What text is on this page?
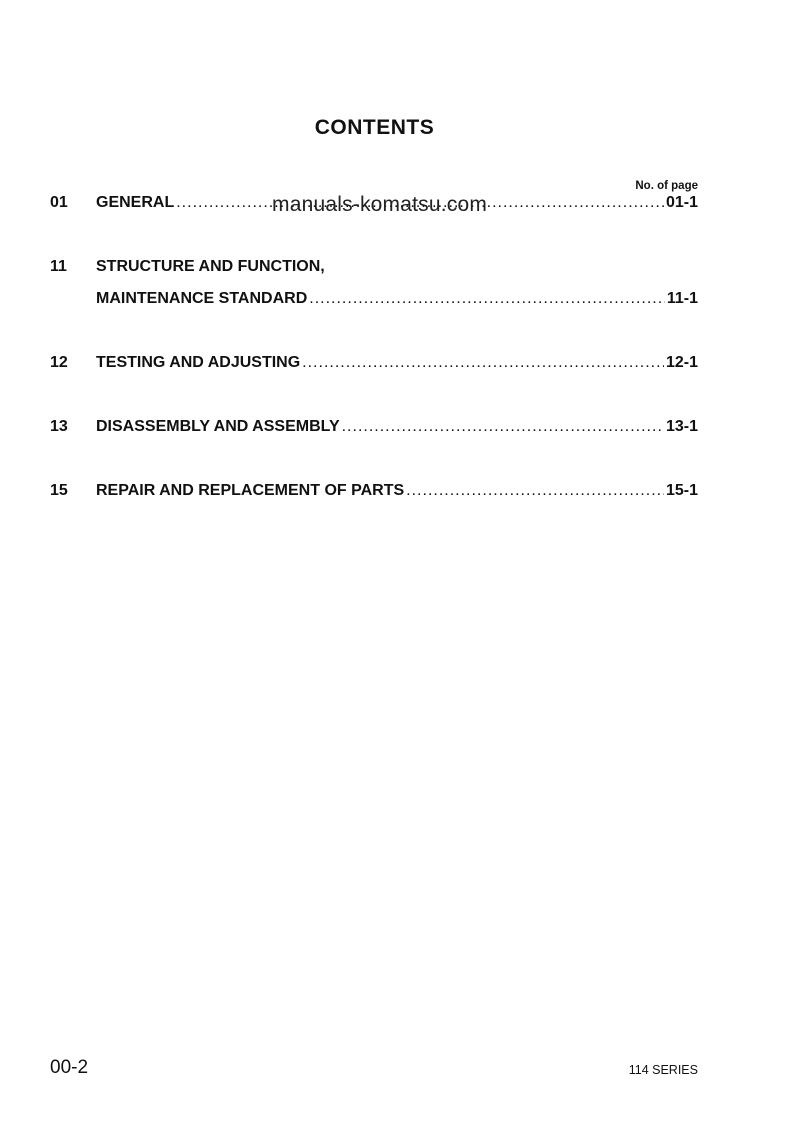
CONTENTS
No. of page
01	GENERAL .....	01-1
manuals-komatsu.com
11	STRUCTURE AND FUNCTION,
MAINTENANCE STANDARD .....	11-1
12	TESTING AND ADJUSTING .....	12-1
13	DISASSEMBLY AND ASSEMBLY .....	13-1
15	REPAIR AND REPLACEMENT OF PARTS .....	15-1
00-2	114 SERIES
